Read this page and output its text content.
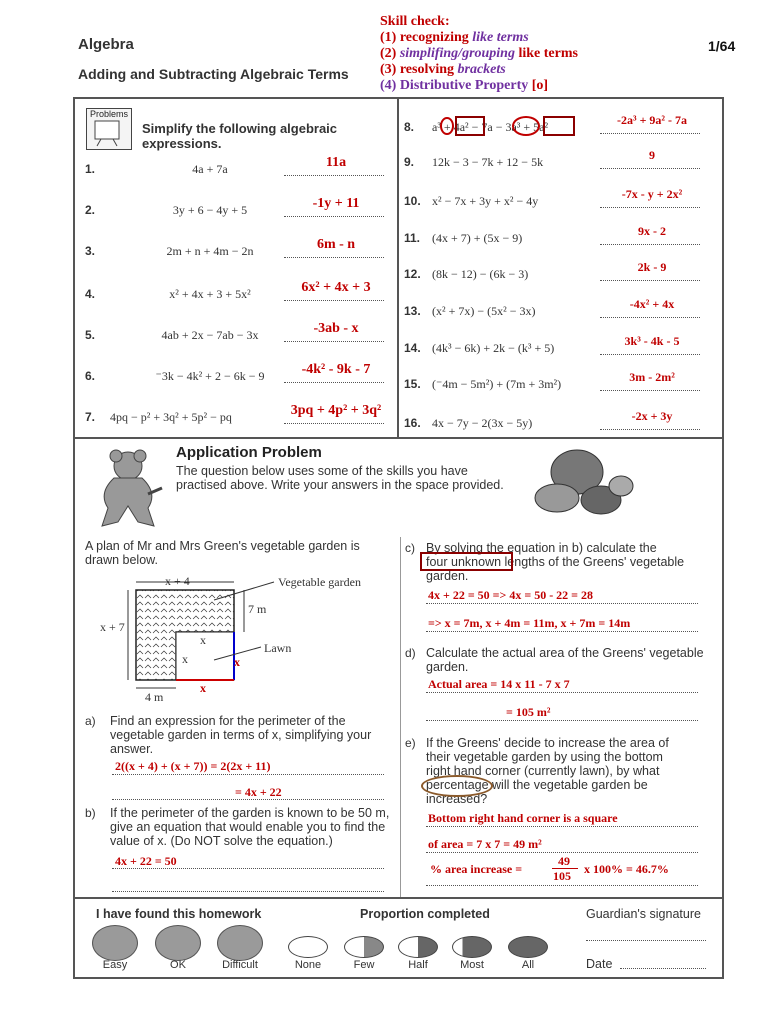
Algebra
Adding and Subtracting Algebraic Terms
1/64
Skill check:
(1) recognizing like terms
(2) simplifing/grouping like terms
(3) resolving brackets
(4) Distributive Property [o]
Problems
Simplify the following algebraic expressions.
1.	4a + 7a	11a
2.	3y + 6 − 4y + 5	-1y + 11
3.	2m + n + 4m − 2n	6m - n
4.	x² + 4x + 3 + 5x²	6x² + 4x + 3
5.	4ab + 2x − 7ab − 3x	-3ab - x
6.	⁻3k − 4k² + 2 − 6k − 9	-4k² - 9k - 7
7. 4pq − p² + 3q² + 5p² − pq	3pq + 4p² + 3q²
8. a³ + 4a² − 7a − 3a³ + 5a²	-2a³ + 9a² - 7a
9. 12k − 3 − 7k + 12 − 5k	9
10. x² − 7x + 3y + x² − 4y	-7x - y + 2x²
11. (4x + 7) + (5x − 9)	9x - 2
12. (8k − 12) − (6k − 3)	2k - 9
13. (x² + 7x) − (5x² − 3x)	-4x² + 4x
14. (4k³ − 6k) + 2k − (k³ + 5)	3k³ - 4k - 5
15. (⁻4m − 5m²) + (7m + 3m²)	3m - 2m²
16. 4x − 7y − 2(3x − 5y)	-2x + 3y
Application Problem
The question below uses some of the skills you have practised above. Write your answers in the space provided.
A plan of Mr and Mrs Green's vegetable garden is drawn below.
x + 4	Vegetable garden
7 m
x + 7
x
x
Lawn
x
x
4 m
a) Find an expression for the perimeter of the vegetable garden in terms of x, simplifying your answer.
2((x + 4) + (x + 7)) = 2(2x + 11)
= 4x + 22
b) If the perimeter of the garden is known to be 50 m, give an equation that would enable you to find the value of x. (Do NOT solve the equation.)
4x + 22 = 50
c) By solving the equation in b) calculate the
four unknown lengths of the Greens' vegetable
garden.
4x + 22 = 50 => 4x = 50 - 22 = 28
=> x = 7m, x + 4m = 11m, x + 7m = 14m
d) Calculate the actual area of the Greens' vegetable garden.
Actual area = 14 x 11 - 7 x 7
= 105 m²
e) If the Greens' decide to increase the area of
their vegetable garden by using the bottom
right hand corner (currently lawn), by what
percentage will the vegetable garden be
increased?
Bottom right hand corner is a square
of area = 7 x 7 = 49 m²
% area increase =
49
105 x 100% = 46.7%
I have found this homework	Proportion completed	Guardian's signature
Date
Easy	OK	Difficult	None	Few	Half	Most	All
